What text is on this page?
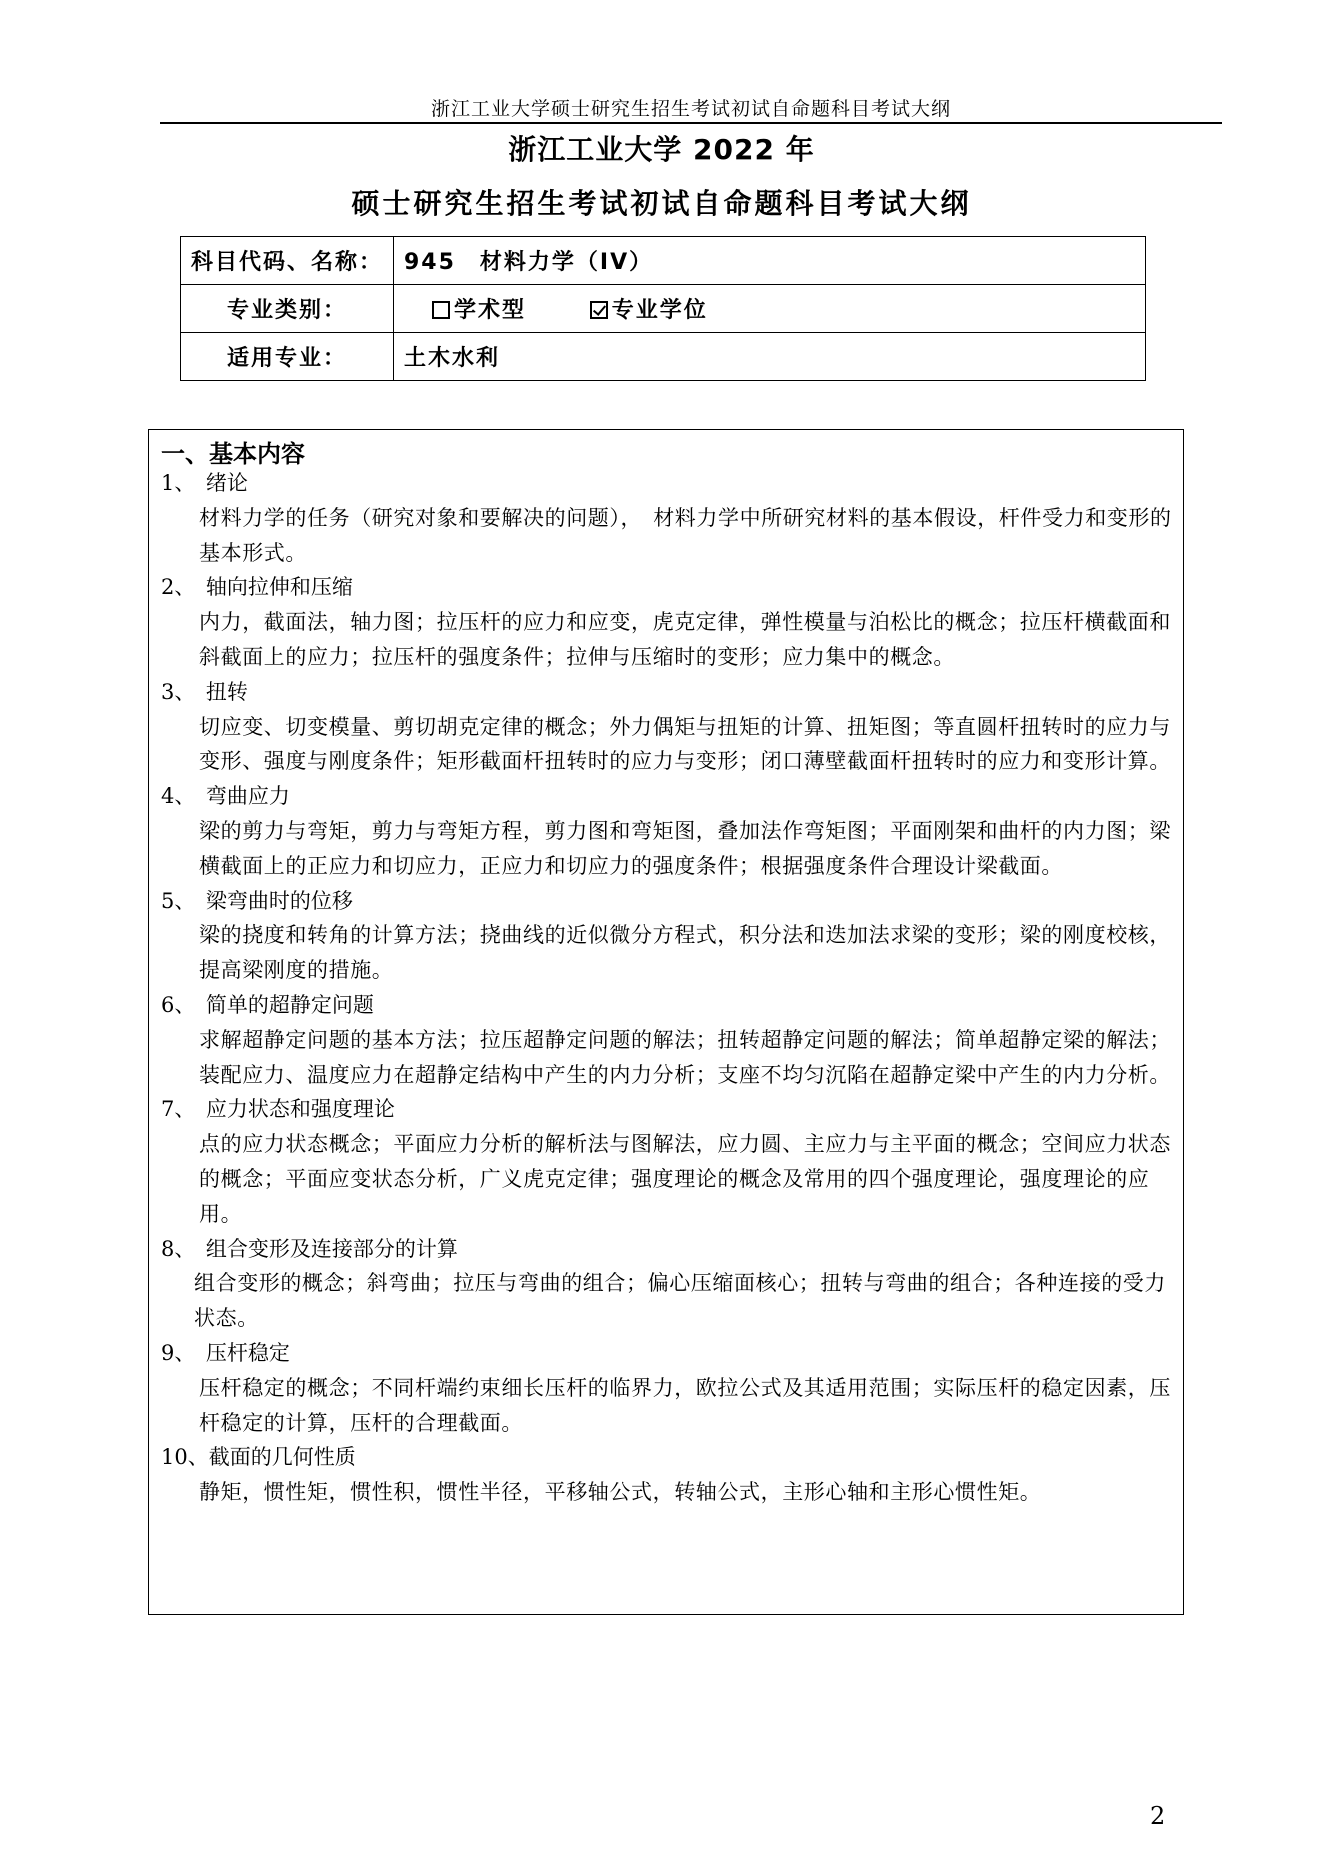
浙江工业大学硕士研究生招生考试初试自命题科目考试大纲
浙江工业大学 2022 年
硕士研究生招生考试初试自命题科目考试大纲
科目代码、名称：	945　材料力学（IV）
专业类别：	学术型 专业学位
适用专业：	土木水利
一、基本内容
1、　绪论
材料力学的任务（研究对象和要解决的问题），　材料力学中所研究材料的基本假设，杆件受力和变形的基本形式。
2、　轴向拉伸和压缩
内力，截面法，轴力图；拉压杆的应力和应变，虎克定律，弹性模量与泊松比的概念；拉压杆横截面和斜截面上的应力；拉压杆的强度条件；拉伸与压缩时的变形；应力集中的概念。
3、　扭转
切应变、切变模量、剪切胡克定律的概念；外力偶矩与扭矩的计算、扭矩图；等直圆杆扭转时的应力与变形、强度与刚度条件；矩形截面杆扭转时的应力与变形；闭口薄壁截面杆扭转时的应力和变形计算。
4、　弯曲应力
梁的剪力与弯矩，剪力与弯矩方程，剪力图和弯矩图，叠加法作弯矩图；平面刚架和曲杆的内力图；梁横截面上的正应力和切应力，正应力和切应力的强度条件；根据强度条件合理设计梁截面。
5、　梁弯曲时的位移
梁的挠度和转角的计算方法；挠曲线的近似微分方程式，积分法和迭加法求梁的变形；梁的刚度校核，提高梁刚度的措施。
6、　简单的超静定问题
求解超静定问题的基本方法；拉压超静定问题的解法；扭转超静定问题的解法；简单超静定梁的解法；装配应力、温度应力在超静定结构中产生的内力分析；支座不均匀沉陷在超静定梁中产生的内力分析。
7、　应力状态和强度理论
点的应力状态概念；平面应力分析的解析法与图解法，应力圆、主应力与主平面的概念；空间应力状态的概念；平面应变状态分析，广义虎克定律；强度理论的概念及常用的四个强度理论，强度理论的应用。
8、　组合变形及连接部分的计算
组合变形的概念；斜弯曲；拉压与弯曲的组合；偏心压缩面核心；扭转与弯曲的组合；各种连接的受力状态。
9、　压杆稳定
压杆稳定的概念；不同杆端约束细长压杆的临界力，欧拉公式及其适用范围；实际压杆的稳定因素，压杆稳定的计算，压杆的合理截面。
10、截面的几何性质
静矩，惯性矩，惯性积，惯性半径，平移轴公式，转轴公式，主形心轴和主形心惯性矩。
2
